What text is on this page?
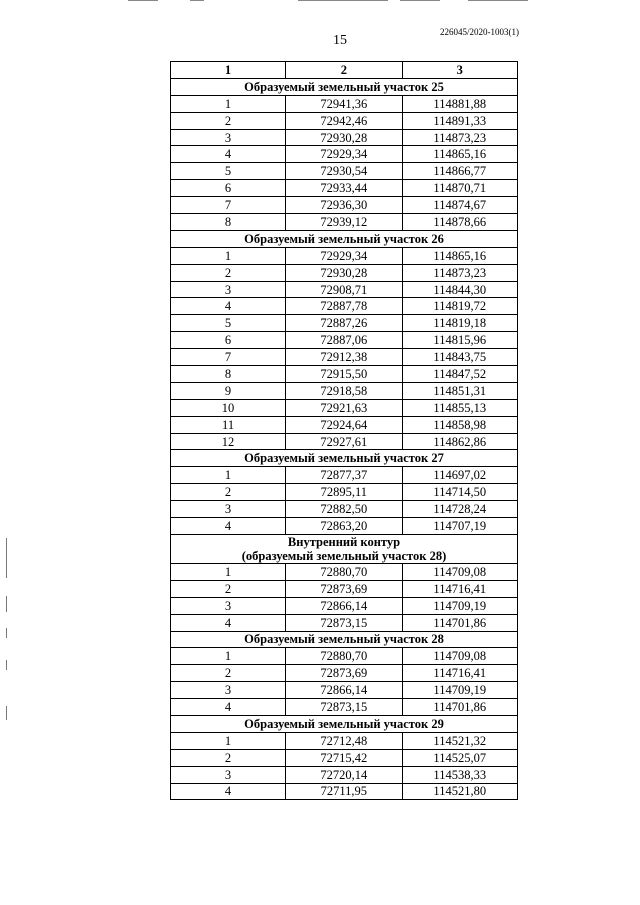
226045/2020-1003(1)
15
1	2	3

Образуемый земельный участок 25		

1	72941,36	114881,88
2	72942,46	114891,33
3	72930,28	114873,23
4	72929,34	114865,16
5	72930,54	114866,77
6	72933,44	114870,71
7	72936,30	114874,67
8	72939,12	114878,66

Образуемый земельный участок 26		

1	72929,34	114865,16
2	72930,28	114873,23
3	72908,71	114844,30
4	72887,78	114819,72
5	72887,26	114819,18
6	72887,06	114815,96
7	72912,38	114843,75
8	72915,50	114847,52
9	72918,58	114851,31
10	72921,63	114855,13
11	72924,64	114858,98
12	72927,61	114862,86

Образуемый земельный участок 27		

1	72877,37	114697,02
2	72895,11	114714,50
3	72882,50	114728,24
4	72863,20	114707,19

Внутренний контур
(образуемый земельный участок 28)		

1	72880,70	114709,08
2	72873,69	114716,41
3	72866,14	114709,19
4	72873,15	114701,86

Образуемый земельный участок 28		

1	72880,70	114709,08
2	72873,69	114716,41
3	72866,14	114709,19
4	72873,15	114701,86

Образуемый земельный участок 29		

1	72712,48	114521,32
2	72715,42	114525,07
3	72720,14	114538,33
4	72711,95	114521,80
